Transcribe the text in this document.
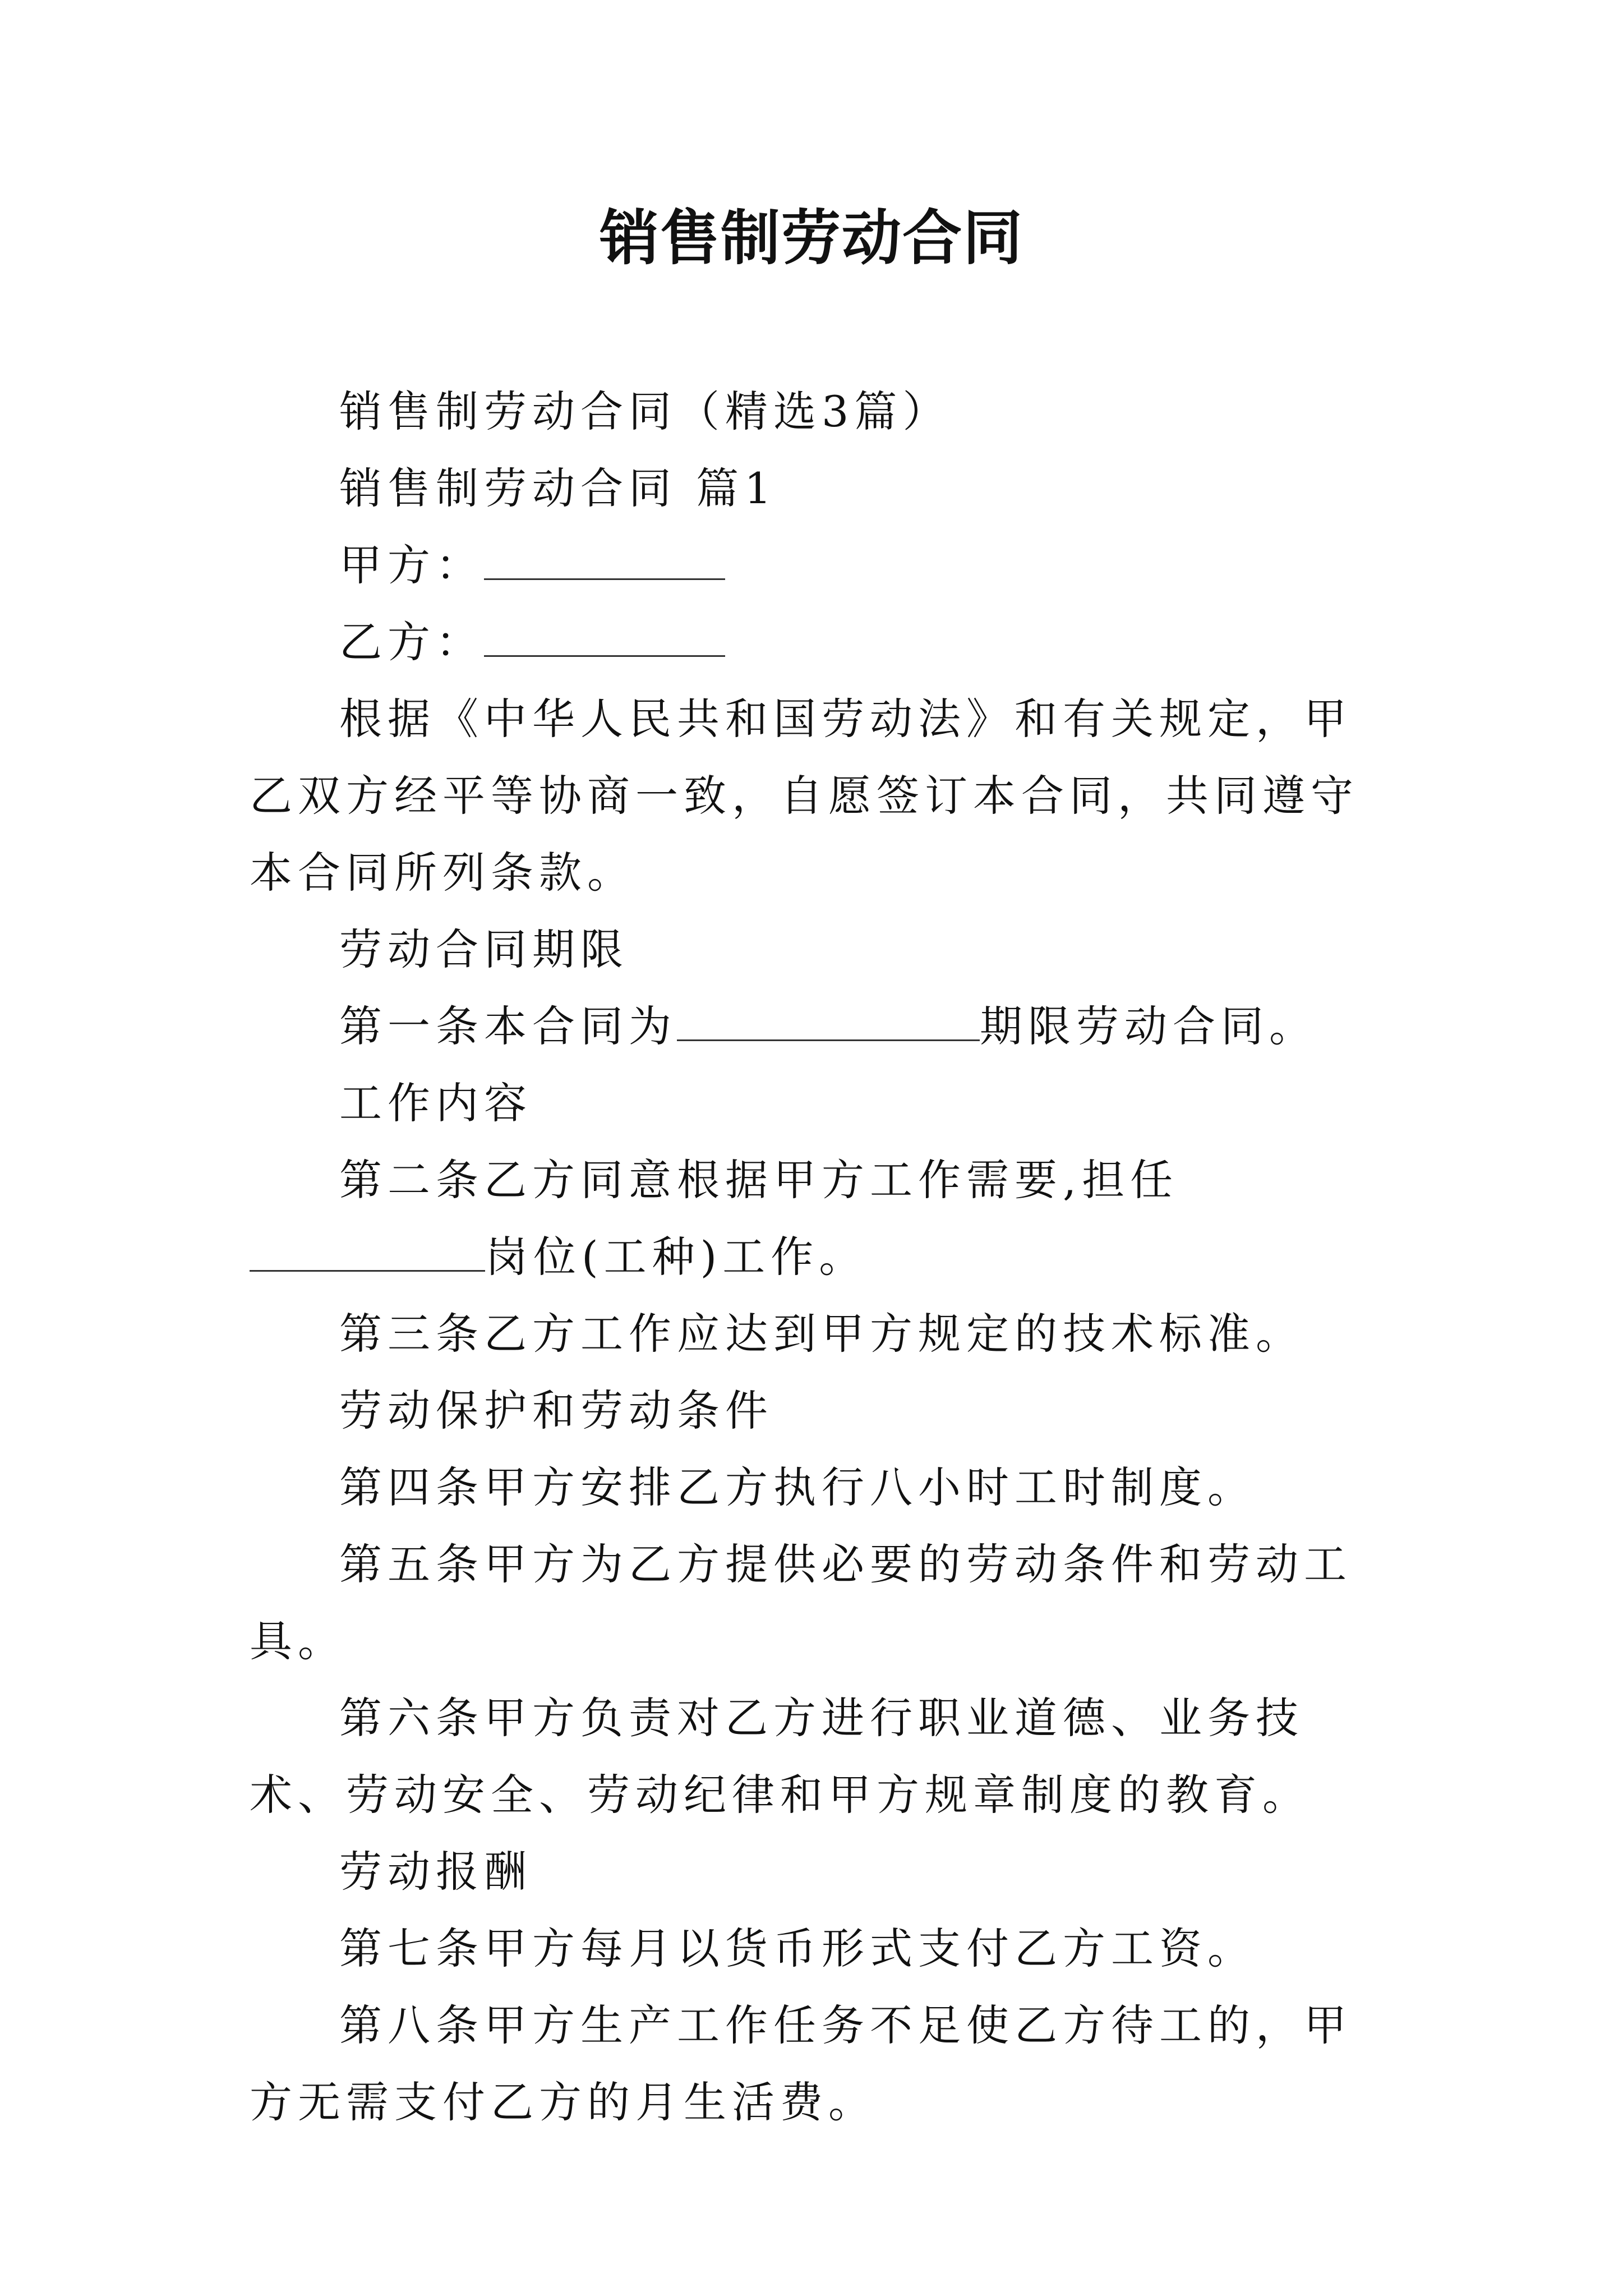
销售制劳动合同

销售制劳动合同（精选3篇）

销售制劳动合同 篇1

甲方：

乙方：

根据《中华人民共和国劳动法》和有关规定，甲乙双方经平等协商一致，自愿签订本合同，共同遵守本合同所列条款。

劳动合同期限

第一条本合同为	期限劳动合同。

工作内容

第二条乙方同意根据甲方工作需要,担任岗位(工种)工作。

第三条乙方工作应达到甲方规定的技术标准。

劳动保护和劳动条件

第四条甲方安排乙方执行八小时工时制度。

第五条甲方为乙方提供必要的劳动条件和劳动工具。

第六条甲方负责对乙方进行职业道德、业务技术、劳动安全、劳动纪律和甲方规章制度的教育。

劳动报酬

第七条甲方每月以货币形式支付乙方工资。

第八条甲方生产工作任务不足使乙方待工的，甲方无需支付乙方的月生活费。
